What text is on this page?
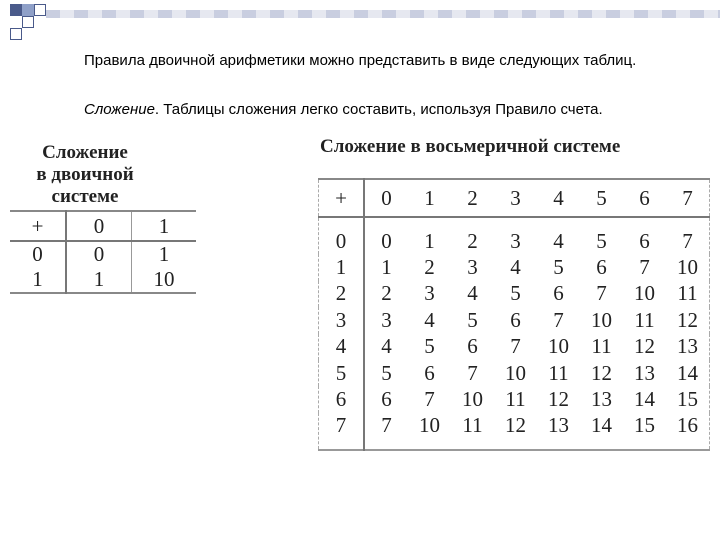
Правила двоичной арифметики можно представить в виде следующих таблиц.
Сложение. Таблицы сложения легко составить, используя Правило счета.
Сложение
в двоичной
системе
+	0	1
0	0	1
1	1	10
Сложение в восьмеричной системе
+	0	1	2	3	4	5	6	7
0	0	1	2	3	4	5	6	7
1	1	2	3	4	5	6	7	10
2	2	3	4	5	6	7	10	11
3	3	4	5	6	7	10	11	12
4	4	5	6	7	10	11	12	13
5	5	6	7	10	11	12	13	14
6	6	7	10	11	12	13	14	15
7	7	10	11	12	13	14	15	16
